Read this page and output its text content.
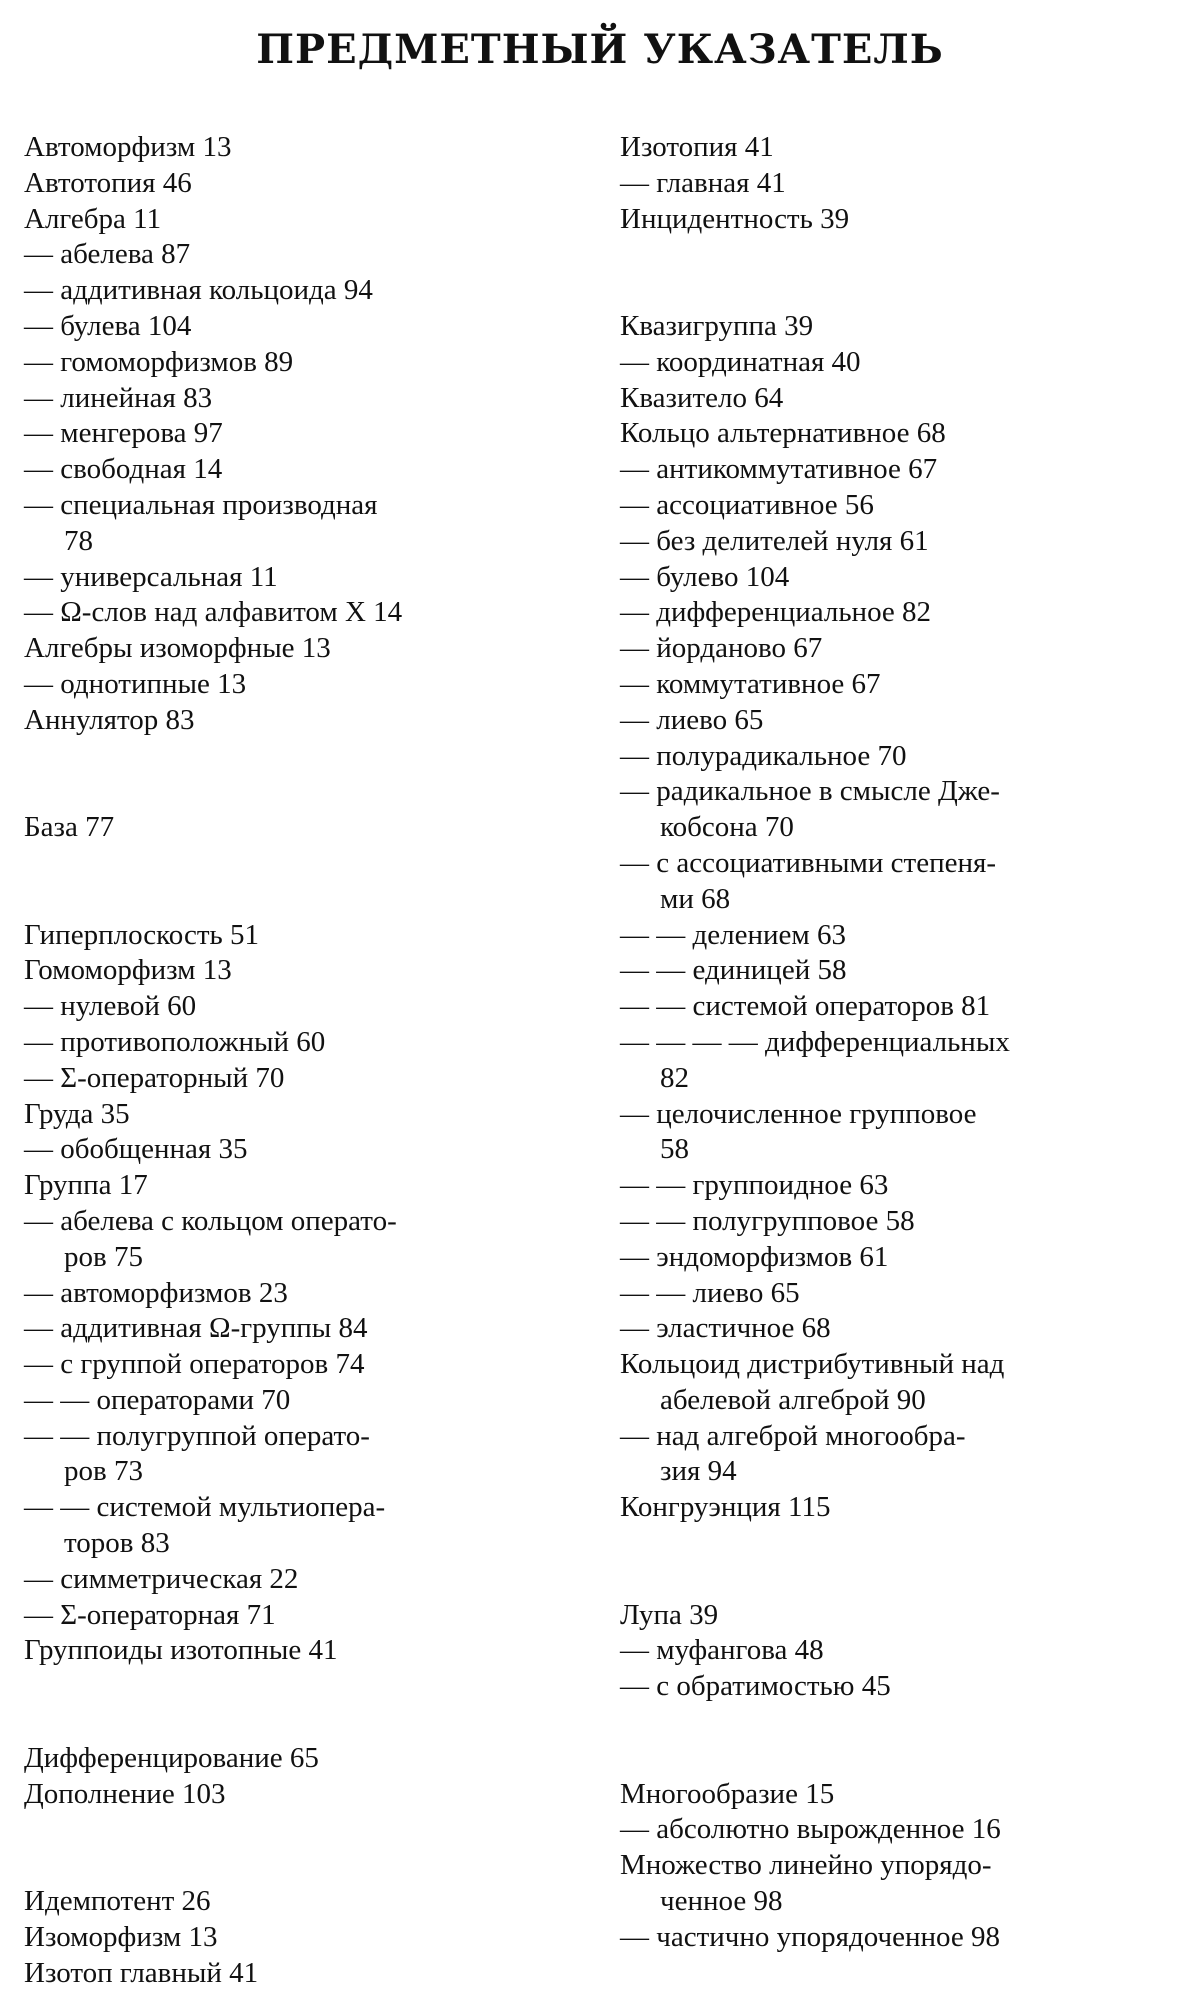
ПРЕДМЕТНЫЙ УКАЗАТЕЛЬ
Автоморфизм 13
Автотопия 46
Алгебра 11
— абелева 87
— аддитивная кольцоида 94
— булева 104
— гомоморфизмов 89
— линейная 83
— менгерова 97
— свободная 14
— специальная производная
78
— универсальная 11
— Ω-слов над алфавитом X 14
Алгебры изоморфные 13
— однотипные 13
Аннулятор 83
База 77
Гиперплоскость 51
Гомоморфизм 13
— нулевой 60
— противоположный 60
— Σ-операторный 70
Груда 35
— обобщенная 35
Группа 17
— абелева с кольцом операто-
ров 75
— автоморфизмов 23
— аддитивная Ω-группы 84
— с группой операторов 74
— — операторами 70
— — полугруппой операто-
ров 73
— — системой мультиопера-
торов 83
— симметрическая 22
— Σ-операторная 71
Группоиды изотопные 41
Дифференцирование 65
Дополнение 103
Идемпотент 26
Изоморфизм 13
Изотоп главный 41
Изотопия 41
— главная 41
Инцидентность 39
Квазигруппа 39
— координатная 40
Квазитело 64
Кольцо альтернативное 68
— антикоммутативное 67
— ассоциативное 56
— без делителей нуля 61
— булево 104
— дифференциальное 82
— йорданово 67
— коммутативное 67
— лиево 65
— полурадикальное 70
— радикальное в смысле Дже-
кобсона 70
— с ассоциативными степеня-
ми 68
— — делением 63
— — единицей 58
— — системой операторов 81
— — — — дифференциальных
82
— целочисленное групповое
58
— — группоидное 63
— — полугрупповое 58
— эндоморфизмов 61
— — лиево 65
— эластичное 68
Кольцоид дистрибутивный над
абелевой алгеброй 90
— над алгеброй многообра-
зия 94
Конгруэнция 115
Лупа 39
— муфангова 48
— с обратимостью 45
Многообразие 15
— абсолютно вырожденное 16
Множество линейно упорядо-
ченное 98
— частично упорядоченное 98
